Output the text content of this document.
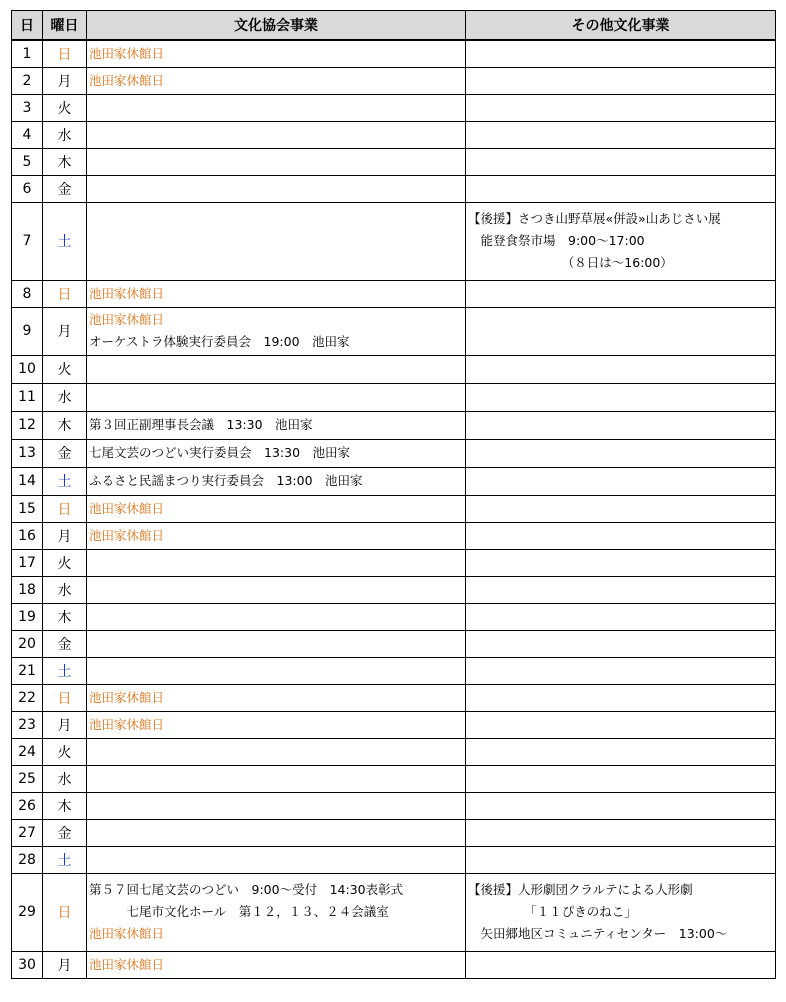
日	曜日	文化協会事業	その他文化事業
1	日	池田家休館日	

2	月	池田家休館日	

3	火		
4	水		
5	木		
6	金		
7	土		【後援】さつき山野草展«併設»山あじさい展
　能登食祭市場　9:00～17:00
　　　　　　　　（８日は～16:00）

8	日	池田家休館日	

9	月	池田家休館日
オーケストラ体験実行委員会　19:00　池田家	

10	火		
11	水		
12	木	第３回正副理事長会議　13:30　池田家	

13	金	七尾文芸のつどい実行委員会　13:30　池田家	

14	土	ふるさと民謡まつり実行委員会　13:00　池田家	

15	日	池田家休館日	

16	月	池田家休館日	

17	火		
18	水		
19	木		
20	金		
21	土		
22	日	池田家休館日	

23	月	池田家休館日	

24	火		
25	水		
26	木		
27	金		
28	土		
29	日	第５７回七尾文芸のつどい　9:00～受付　14:30表彰式
　　　七尾市文化ホール　第１２，１３、２４会議室
池田家休館日	【後援】人形劇団クラルテによる人形劇
　　　　　「１１ぴきのねこ」
　矢田郷地区コミュニティセンター　13:00～

30	月	池田家休館日	
